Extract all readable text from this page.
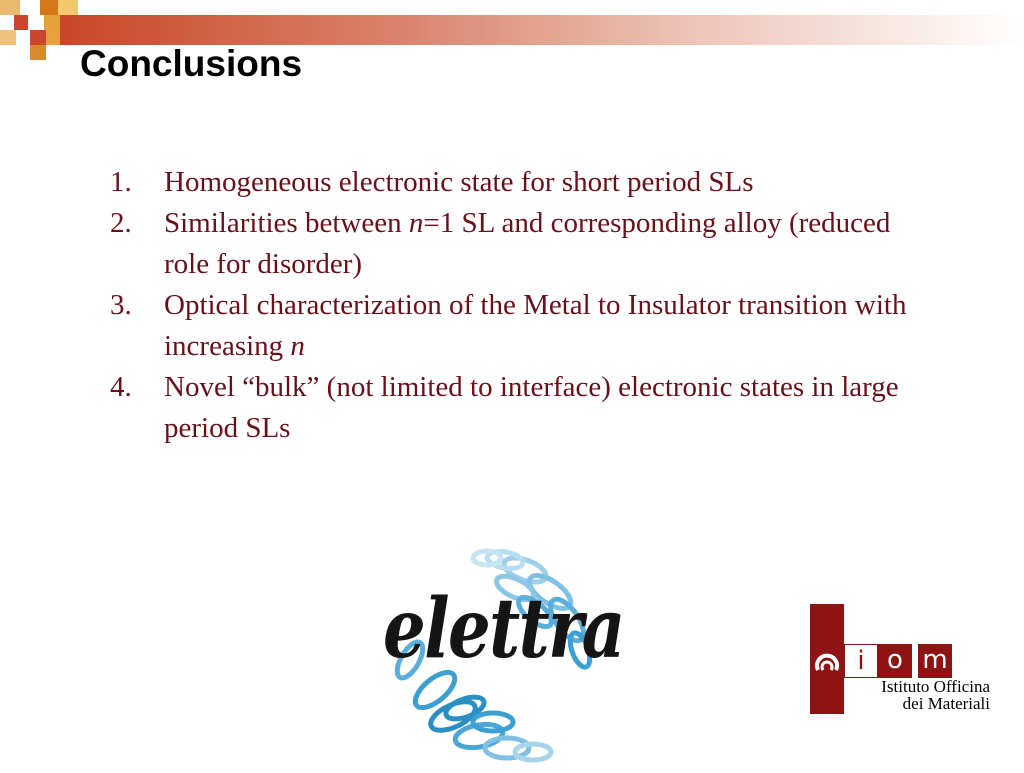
Conclusions
1. Homogeneous electronic state for short period SLs
2. Similarities between n=1 SL and corresponding alloy (reduced role for disorder)
3. Optical characterization of the Metal to Insulator transition with increasing n
4. Novel “bulk” (not limited to interface) electronic states in large period SLs
elettra	i o m
Istituto Officina
dei Materiali
